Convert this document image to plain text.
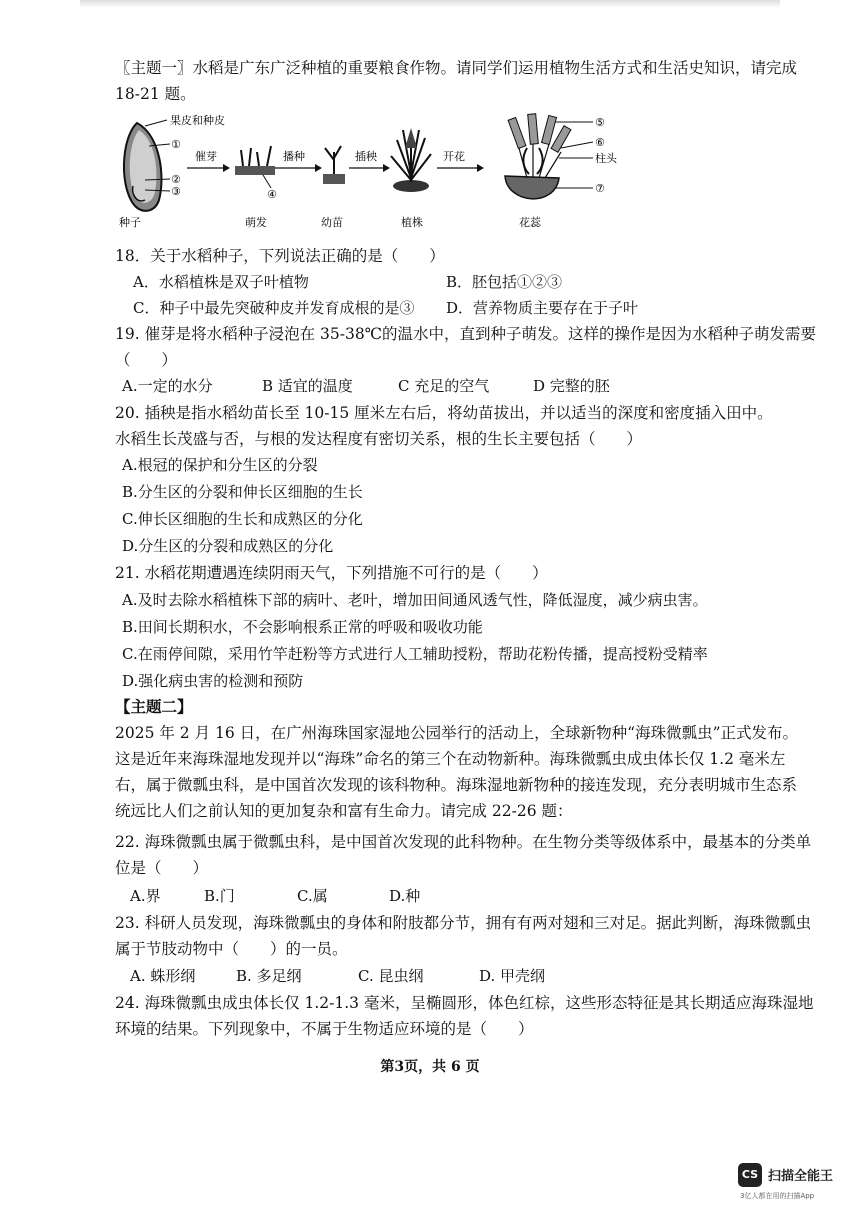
〖主题一〗水稻是广东广泛种植的重要粮食作物。请同学们运用植物生活方式和生活史知识，请完成
18-21 题。
果皮和种皮
①
②
③
种子
催芽
④
萌发
播种
幼苗
插秧
植株
开花
⑤
⑥
柱头
⑦
花蕊
18．关于水稻种子，下列说法正确的是（　　）
A．水稻植株是双子叶植物	B．胚包括①②③
C．种子中最先突破种皮并发育成根的是③ D．营养物质主要存在于子叶
19. 催芽是将水稻种子浸泡在 35-38℃的温水中，直到种子萌发。这样的操作是因为水稻种子萌发需要
（　　）
A.一定的水分	B 适宜的温度	C 充足的空气	D 完整的胚
20. 插秧是指水稻幼苗长至 10-15 厘米左右后，将幼苗拔出，并以适当的深度和密度插入田中。
水稻生长茂盛与否，与根的发达程度有密切关系，根的生长主要包括（　　）
A.根冠的保护和分生区的分裂
B.分生区的分裂和伸长区细胞的生长
C.伸长区细胞的生长和成熟区的分化
D.分生区的分裂和成熟区的分化
21. 水稻花期遭遇连续阴雨天气，下列措施不可行的是（　　）
A.及时去除水稻植株下部的病叶、老叶，增加田间通风透气性，降低湿度，减少病虫害。
B.田间长期积水，不会影响根系正常的呼吸和吸收功能
C.在雨停间隙，采用竹竿赶粉等方式进行人工辅助授粉，帮助花粉传播，提高授粉受精率
D.强化病虫害的检测和预防
【主题二】
2025 年 2 月 16 日，在广州海珠国家湿地公园举行的活动上，全球新物种“海珠微瓢虫”正式发布。
这是近年来海珠湿地发现并以“海珠”命名的第三个在动物新种。海珠微瓢虫成虫体长仅 1.2 毫米左
右，属于微瓢虫科，是中国首次发现的该科物种。海珠湿地新物种的接连发现，充分表明城市生态系
统远比人们之前认知的更加复杂和富有生命力。请完成 22-26 题：
22. 海珠微瓢虫属于微瓢虫科，是中国首次发现的此科物种。在生物分类等级体系中，最基本的分类单
位是（　　）
A.界	B.门	C.属	D.种
23. 科研人员发现，海珠微瓢虫的身体和附肢都分节，拥有有两对翅和三对足。据此判断，海珠微瓢虫
属于节肢动物中（　　）的一员。
A. 蛛形纲	B. 多足纲	C. 昆虫纲	D. 甲壳纲
24. 海珠微瓢虫成虫体长仅 1.2-1.3 毫米，呈椭圆形，体色红棕，这些形态特征是其长期适应海珠湿地
环境的结果。下列现象中，不属于生物适应环境的是（　　）
第3页，共 6 页
CS 扫描全能王
3亿人都在用的扫描App
